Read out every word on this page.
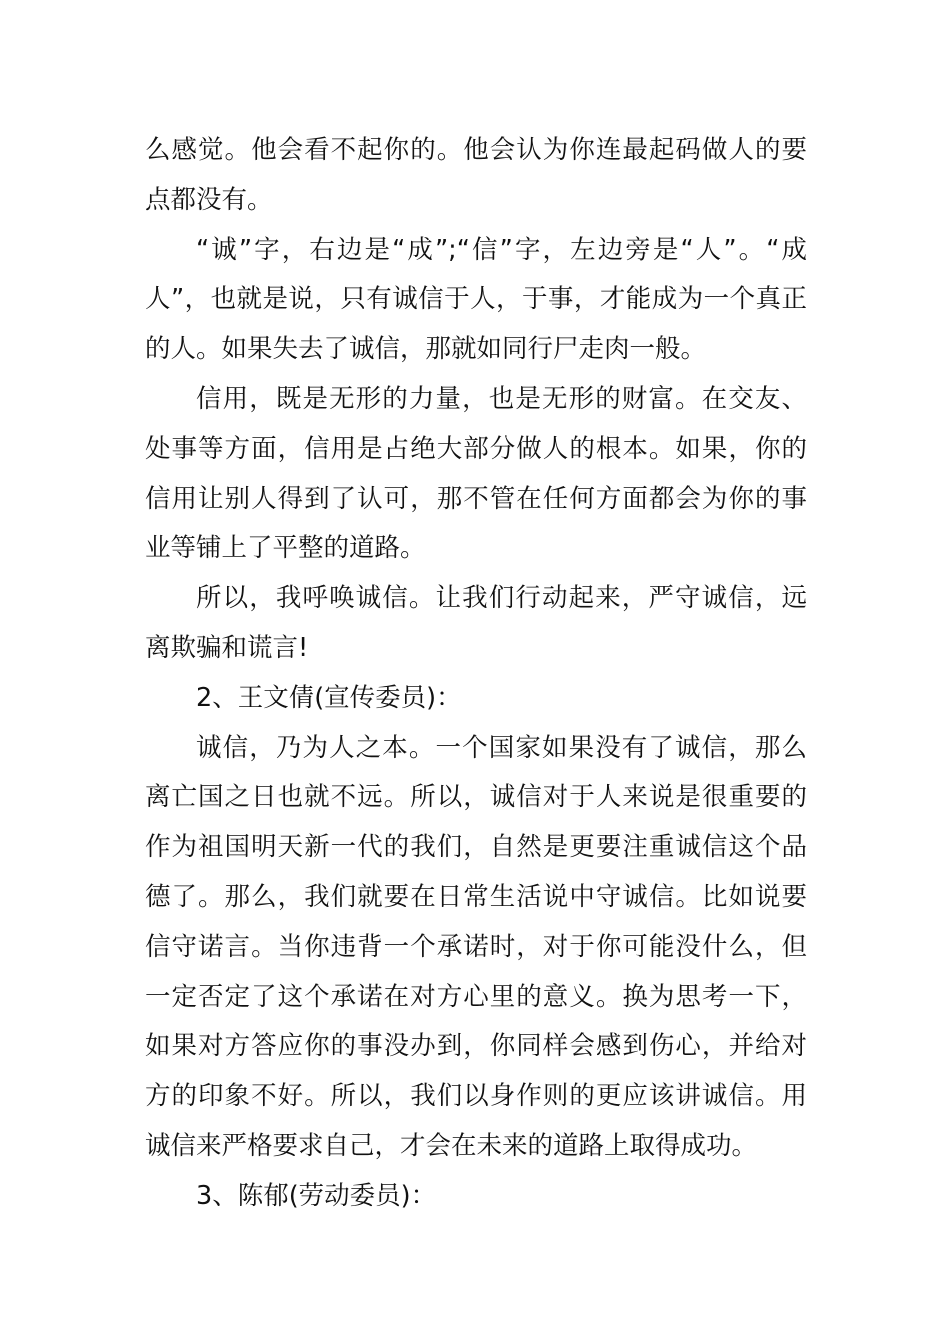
么感觉。他会看不起你的。他会认为你连最起码做人的要点都没有。

“诚”字，右边是“成”;“信”字，左边旁是“人”。“成人”，也就是说，只有诚信于人，于事，才能成为一个真正的人。如果失去了诚信，那就如同行尸走肉一般。

信用，既是无形的力量，也是无形的财富。在交友、处事等方面，信用是占绝大部分做人的根本。如果，你的信用让别人得到了认可，那不管在任何方面都会为你的事业等铺上了平整的道路。

所以，我呼唤诚信。让我们行动起来，严守诚信，远离欺骗和谎言!

2、王文倩(宣传委员)：

诚信，乃为人之本。一个国家如果没有了诚信，那么离亡国之日也就不远。所以，诚信对于人来说是很重要的作为祖国明天新一代的我们，自然是更要注重诚信这个品德了。那么，我们就要在日常生活说中守诚信。比如说要信守诺言。当你违背一个承诺时，对于你可能没什么，但一定否定了这个承诺在对方心里的意义。换为思考一下，如果对方答应你的事没办到，你同样会感到伤心，并给对方的印象不好。所以，我们以身作则的更应该讲诚信。用诚信来严格要求自己，才会在未来的道路上取得成功。

3、陈郁(劳动委员)：
